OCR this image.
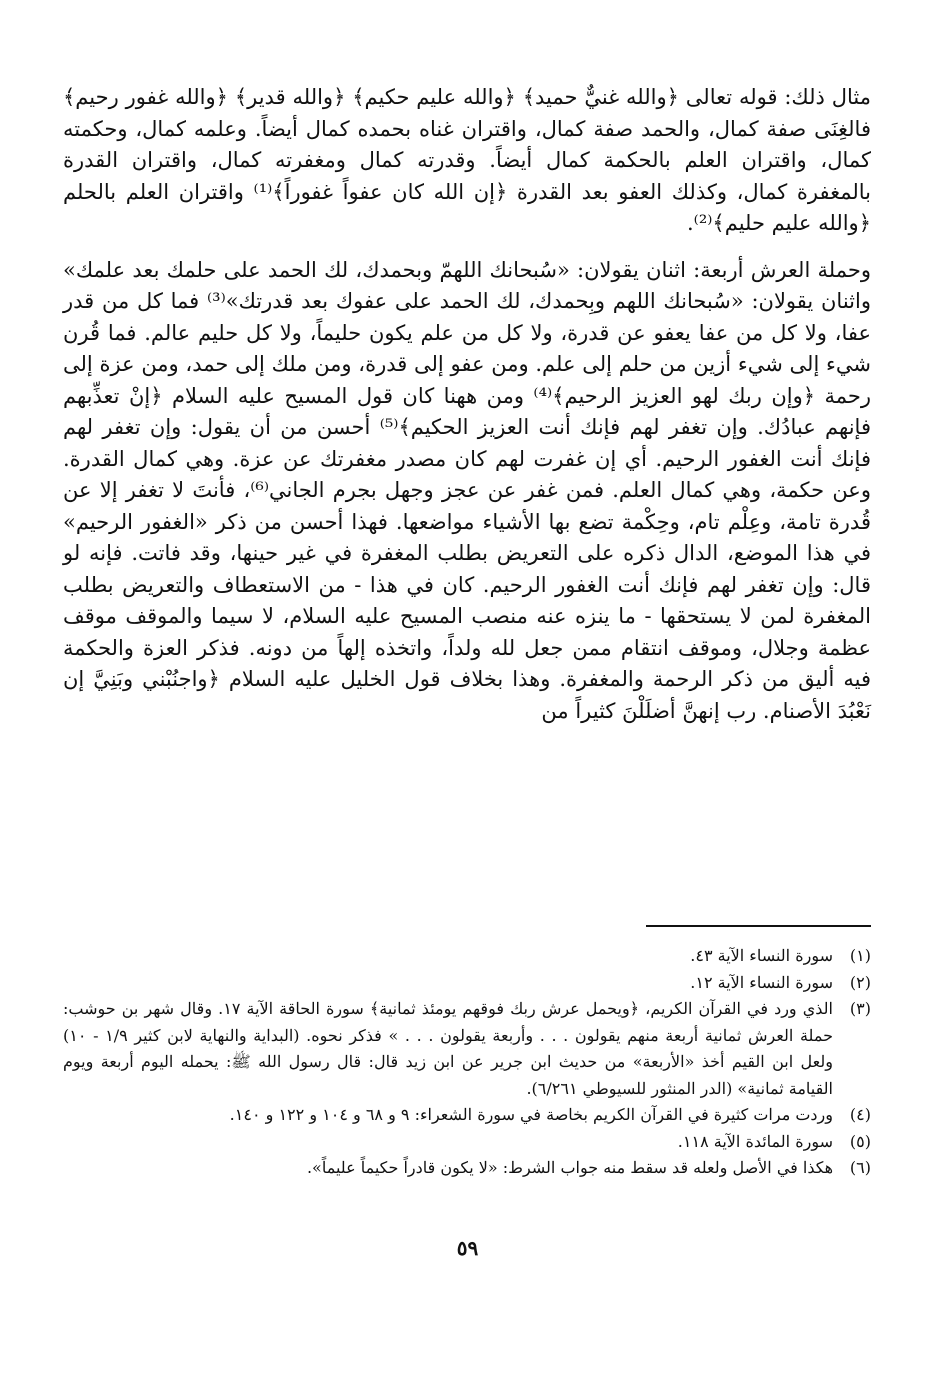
مثال ذلك: قوله تعالى ﴿والله غنيٌّ حميد﴾ ﴿والله عليم حكيم﴾ ﴿والله قدير﴾ ﴿والله غفور رحيم﴾ فالغِنَى صفة كمال، والحمد صفة كمال، واقتران غناه بحمده كمال أيضاً. وعلمه كمال، وحكمته كمال، واقتران العلم بالحكمة كمال أيضاً. وقدرته كمال ومغفرته كمال، واقتران القدرة بالمغفرة كمال، وكذلك العفو بعد القدرة ﴿إن الله كان عفواً غفوراً﴾⁽¹⁾ واقتران العلم بالحلم ﴿والله عليم حليم﴾⁽²⁾.

وحملة العرش أربعة: اثنان يقولان: «سُبحانك اللهمّ وبحمدك، لك الحمد على حلمك بعد علمك» واثنان يقولان: «سُبحانك اللهم وبِحمدك، لك الحمد على عفوك بعد قدرتك»⁽³⁾ فما كل من قدر عفا، ولا كل من عفا يعفو عن قدرة، ولا كل من علم يكون حليماً، ولا كل حليم عالم. فما قُرن شيء إلى شيء أزين من حلم إلى علم. ومن عفو إلى قدرة، ومن ملك إلى حمد، ومن عزة إلى رحمة ﴿وإن ربك لهو العزيز الرحيم﴾⁽⁴⁾ ومن ههنا كان قول المسيح عليه السلام ﴿إنْ تعذِّبهم فإنهم عبادُك. وإن تغفر لهم فإنك أنت العزيز الحكيم﴾⁽⁵⁾ أحسن من أن يقول: وإن تغفر لهم فإنك أنت الغفور الرحيم. أي إن غفرت لهم كان مصدر مغفرتك عن عزة. وهي كمال القدرة. وعن حكمة، وهي كمال العلم. فمن غفر عن عجز وجهل بجرم الجاني⁽⁶⁾، فأنتَ لا تغفر إلا عن قُدرة تامة، وعِلْم تام، وحِكْمة تضع بها الأشياء مواضعها. فهذا أحسن من ذكر «الغفور الرحيم» في هذا الموضع، الدال ذكره على التعريض بطلب المغفرة في غير حينها، وقد فاتت. فإنه لو قال: وإن تغفر لهم فإنك أنت الغفور الرحيم. كان في هذا - من الاستعطاف والتعريض بطلب المغفرة لمن لا يستحقها - ما ينزه عنه منصب المسيح عليه السلام، لا سيما والموقف موقف عظمة وجلال، وموقف انتقام ممن جعل لله ولداً، واتخذه إلهاً من دونه. فذكر العزة والحكمة فيه أليق من ذكر الرحمة والمغفرة. وهذا بخلاف قول الخليل عليه السلام ﴿واجنُبْني وبَنِيَّ إن نَعْبُدَ الأصنام. رب إنهنَّ أضلَلْنَ كثيراً من

(١)
سورة النساء الآية ٤٣.
(٢)
سورة النساء الآية ١٢.
(٣)
الذي ورد في القرآن الكريم، ﴿ويحمل عرش ربك فوقهم يومئذ ثمانية﴾ سورة الحاقة الآية ١٧. وقال شهر بن حوشب: حملة العرش ثمانية أربعة منهم يقولون . . . وأربعة يقولون . . . » فذكر نحوه. (البداية والنهاية لابن كثير ١/٩ - ١٠) ولعل ابن القيم أخذ «الأربعة» من حديث ابن جرير عن ابن زيد قال: قال رسول الله ﷺ: يحمله اليوم أربعة ويوم القيامة ثمانية» (الدر المنثور للسيوطي ٦/٢٦١).
(٤)
وردت مرات كثيرة في القرآن الكريم بخاصة في سورة الشعراء: ٩ و ٦٨ و ١٠٤ و ١٢٢ و ١٤٠.
(٥)
سورة المائدة الآية ١١٨.
(٦)
هكذا في الأصل ولعله قد سقط منه جواب الشرط: «لا يكون قادراً حكيماً عليماً».
٥٩
